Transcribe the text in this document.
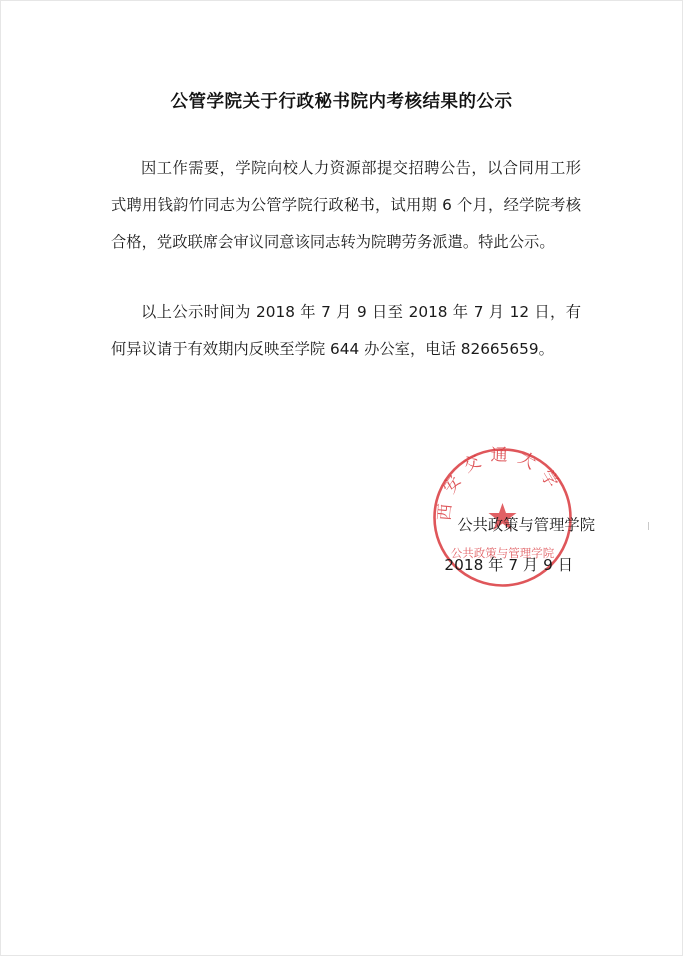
公管学院关于行政秘书院内考核结果的公示
因工作需要，学院向校人力资源部提交招聘公告，以合同用工形式聘用钱韵竹同志为公管学院行政秘书，试用期 6 个月，经学院考核合格，党政联席会审议同意该同志转为院聘劳务派遣。特此公示。
以上公示时间为 2018 年 7 月 9 日至 2018 年 7 月 12 日，有何异议请于有效期内反映至学院 644 办公室，电话 82665659。
西安交通大学
公共政策与管理学院
公共政策与管理学院
2018 年 7 月 9 日
